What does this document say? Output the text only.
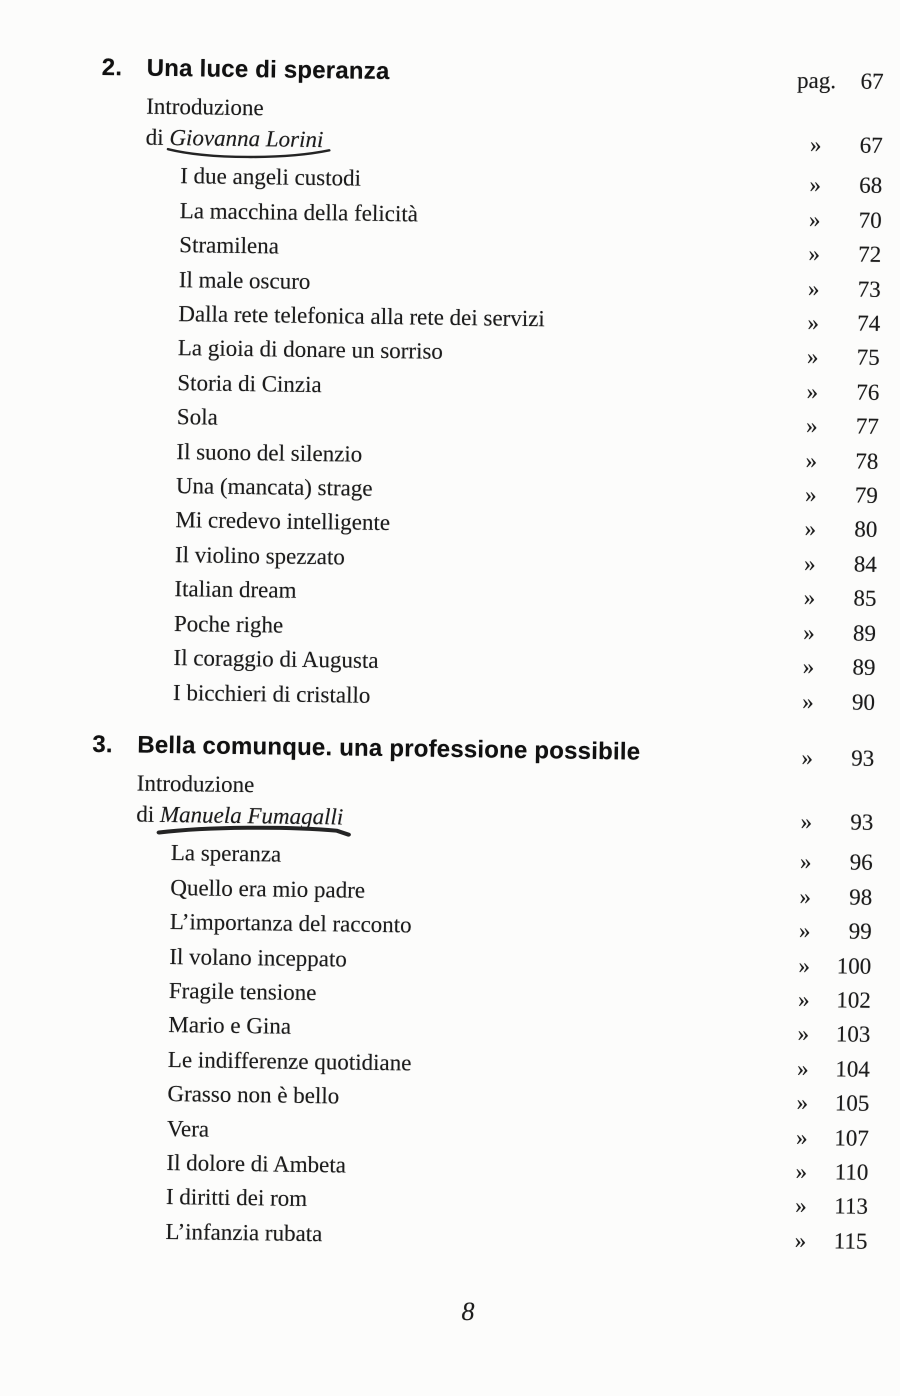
2.	Una luce di speranza	pag.	67
Introduzione
di Giovanna Lorini	»	67
I due angeli custodi	»	68
La macchina della felicità	»	70
Stramilena	»	72
Il male oscuro	»	73
Dalla rete telefonica alla rete dei servizi	»	74
La gioia di donare un sorriso	»	75
Storia di Cinzia	»	76
Sola	»	77
Il suono del silenzio	»	78
Una (mancata) strage	»	79
Mi credevo intelligente	»	80
Il violino spezzato	»	84
Italian dream	»	85
Poche righe	»	89
Il coraggio di Augusta	»	89
I bicchieri di cristallo	»	90
3.	Bella comunque. una professione possibile	»	93
Introduzione
di Manuela Fumagalli	»	93
La speranza	»	96
Quello era mio padre	»	98
L’importanza del racconto	»	99
Il volano inceppato	»	100
Fragile tensione	»	102
Mario e Gina	»	103
Le indifferenze quotidiane	»	104
Grasso non è bello	»	105
Vera	»	107
Il dolore di Ambeta	»	110
I diritti dei rom	»	113
L’infanzia rubata	»	115
8
